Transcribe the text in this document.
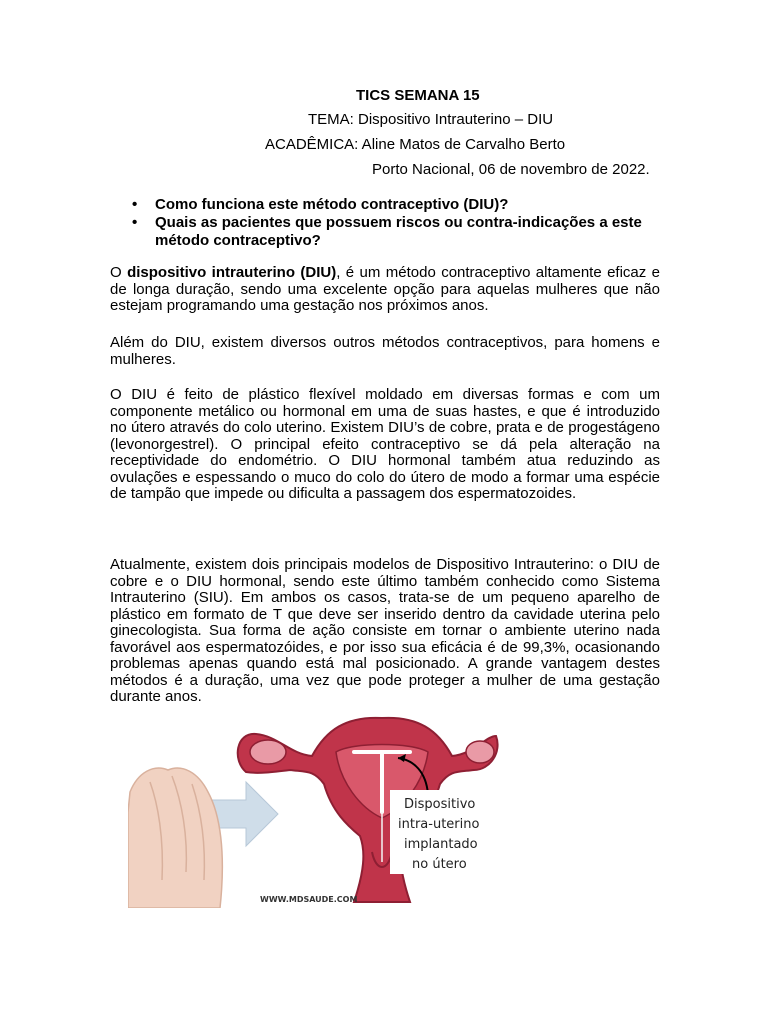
TICS SEMANA 15
TEMA: Dispositivo Intrauterino – DIU
ACADÊMICA: Aline Matos de Carvalho Berto
Porto Nacional, 06 de novembro de 2022.
• Como funciona este método contraceptivo (DIU)?
• Quais as pacientes que possuem riscos ou contra-indicações a este método contraceptivo?

O dispositivo intrauterino (DIU), é um método contraceptivo altamente eficaz e de longa duração, sendo uma excelente opção para aquelas mulheres que não estejam programando uma gestação nos próximos anos.

Além do DIU, existem diversos outros métodos contraceptivos, para homens e mulheres.

O DIU é feito de plástico flexível moldado em diversas formas e com um componente metálico ou hormonal em uma de suas hastes, e que é introduzido no útero através do colo uterino. Existem DIU’s de cobre, prata e de progestágeno (levonorgestrel). O principal efeito contraceptivo se dá pela alteração na receptividade do endométrio. O DIU hormonal também atua reduzindo as ovulações e espessando o muco do colo do útero de modo a formar uma espécie de tampão que impede ou dificulta a passagem dos espermatozoides.

Atualmente, existem dois principais modelos de Dispositivo Intrauterino: o DIU de cobre e o DIU hormonal, sendo este último também conhecido como Sistema Intrauterino (SIU). Em ambos os casos, trata-se de um pequeno aparelho de plástico em formato de T que deve ser inserido dentro da cavidade uterina pelo ginecologista. Sua forma de ação consiste em tornar o ambiente uterino nada favorável aos espermatozóides, e por isso sua eficácia é de 99,3%, ocasionando problemas apenas quando está mal posicionado. A grande vantagem destes métodos é a duração, uma vez que pode proteger a mulher de uma gestação durante anos.

Dispositivo
intra-uterino
implantado
no útero
WWW.MDSAUDE.COM
